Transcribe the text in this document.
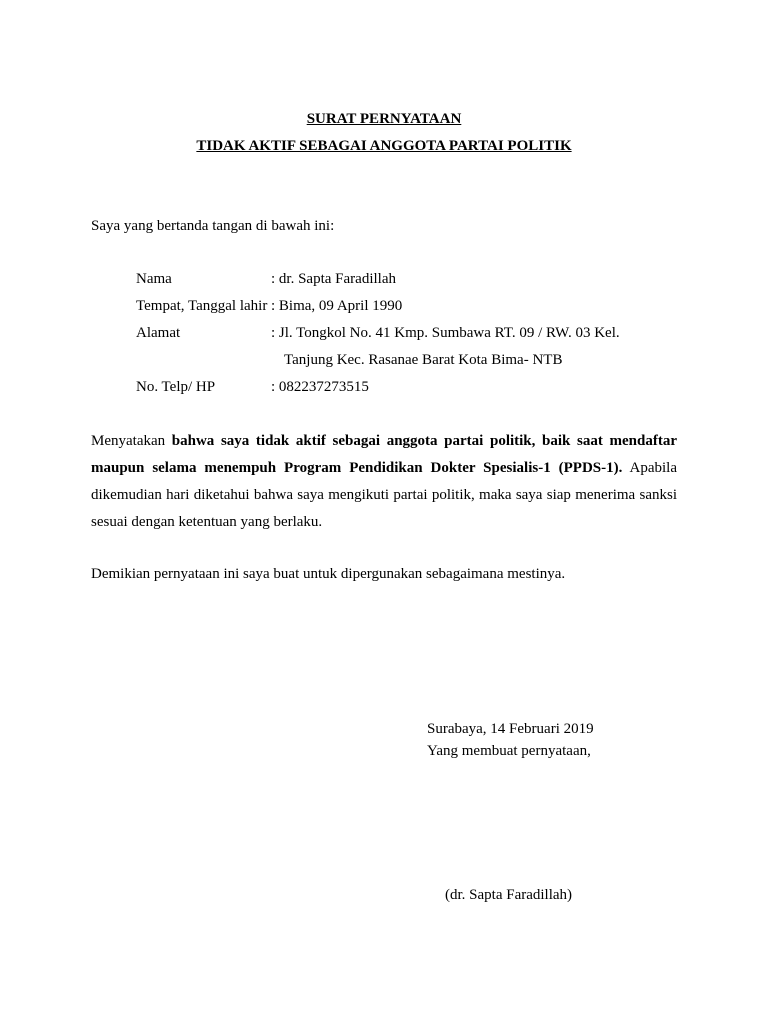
SURAT PERNYATAAN
TIDAK AKTIF SEBAGAI ANGGOTA PARTAI POLITIK
Saya yang bertanda tangan di bawah ini:
Nama	: dr. Sapta Faradillah
Tempat, Tanggal lahir : Bima, 09 April 1990
Alamat	: Jl. Tongkol No. 41 Kmp. Sumbawa RT. 09 / RW. 03 Kel.
Tanjung Kec. Rasanae Barat Kota Bima- NTB
No. Telp/ HP	: 082237273515
Menyatakan bahwa saya tidak aktif sebagai anggota partai politik, baik saat mendaftar maupun selama menempuh Program Pendidikan Dokter Spesialis-1 (PPDS-1). Apabila dikemudian hari diketahui bahwa saya mengikuti partai politik, maka saya siap menerima sanksi sesuai dengan ketentuan yang berlaku.
Demikian pernyataan ini saya buat untuk dipergunakan sebagaimana mestinya.
Surabaya, 14 Februari 2019
Yang membuat pernyataan,
(dr. Sapta Faradillah)
